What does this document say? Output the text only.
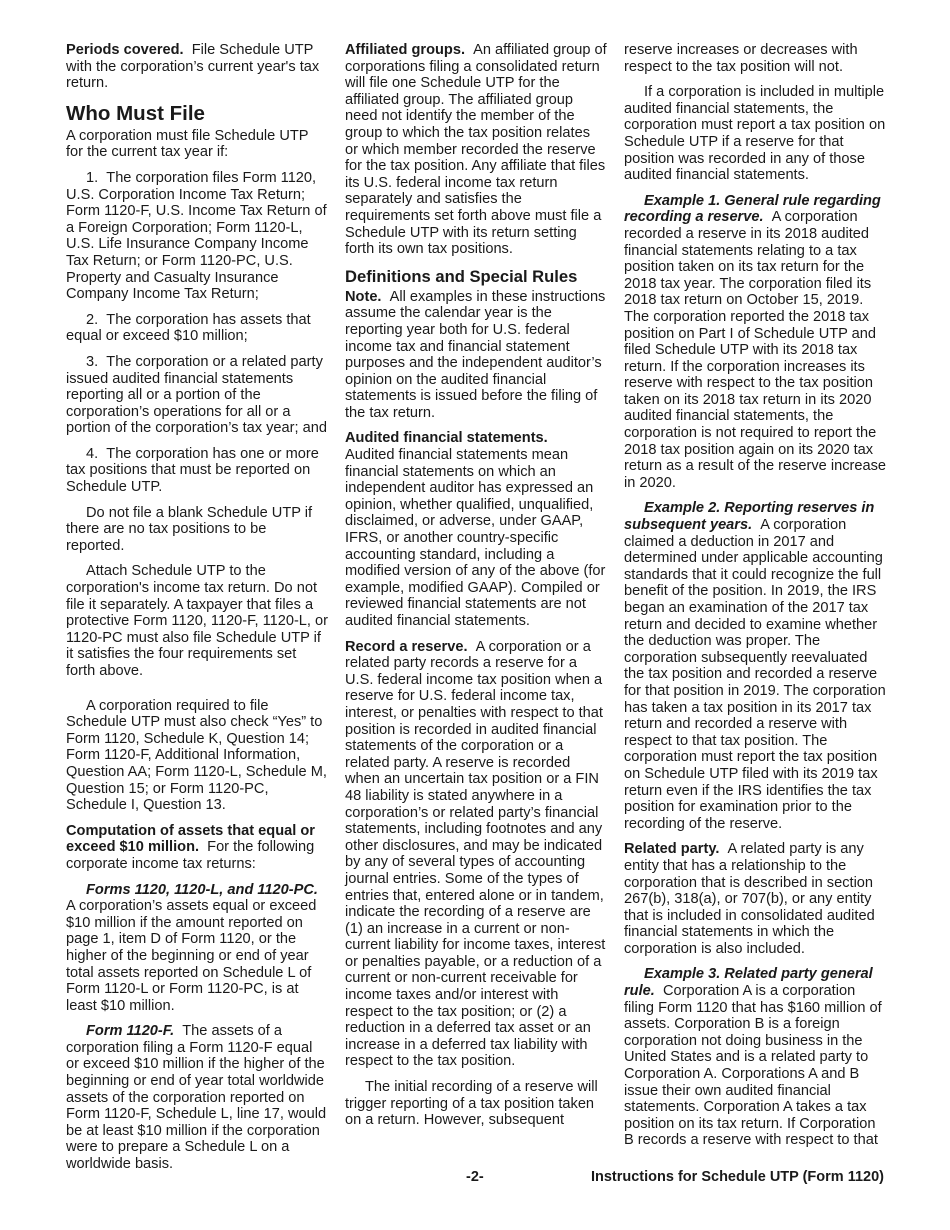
Periods covered. File Schedule UTP with the corporation’s current year's tax return.

Who Must File

A corporation must file Schedule UTP for the current tax year if:

1.  The corporation files Form 1120, U.S. Corporation Income Tax Return; Form 1120-F, U.S. Income Tax Return of a Foreign Corporation; Form 1120-L, U.S. Life Insurance Company Income Tax Return; or Form 1120-PC, U.S. Property and Casualty Insurance Company Income Tax Return;

2.  The corporation has assets that equal or exceed $10 million;

3.  The corporation or a related party issued audited financial statements reporting all or a portion of the corporation’s operations for all or a portion of the corporation’s tax year; and

4.  The corporation has one or more tax positions that must be reported on Schedule UTP.

Do not file a blank Schedule UTP if there are no tax positions to be reported.

Attach Schedule UTP to the corporation's income tax return. Do not file it separately. A taxpayer that files a protective Form 1120, 1120-F, 1120-L, or 1120-PC must also file Schedule UTP if it satisfies the four requirements set forth above.

A corporation required to file Schedule UTP must also check “Yes” to Form 1120, Schedule K, Question 14; Form 1120-F, Additional Information, Question AA; Form 1120-L, Schedule M, Question 15; or Form 1120-PC, Schedule I, Question 13.

Computation of assets that equal or exceed $10 million. For the following corporate income tax returns:

Forms 1120, 1120-L, and 1120-PC. A corporation’s assets equal or exceed $10 million if the amount reported on page 1, item D of Form 1120, or the higher of the beginning or end of year total assets reported on Schedule L of Form 1120-L or Form 1120-PC, is at least $10 million.

Form 1120-F. The assets of a corporation filing a Form 1120-F equal or exceed $10 million if the higher of the beginning or end of year total worldwide assets of the corporation reported on Form 1120-F, Schedule L, line 17, would be at least $10 million if the corporation were to prepare a Schedule L on a worldwide basis.

Affiliated groups. An affiliated group of corporations filing a consolidated return will file one Schedule UTP for the affiliated group. The affiliated group need not identify the member of the group to which the tax position relates or which member recorded the reserve for the tax position. Any affiliate that files its U.S. federal income tax return separately and satisfies the requirements set forth above must file a Schedule UTP with its return setting forth its own tax positions.

Definitions and Special Rules

Note. All examples in these instructions assume the calendar year is the reporting year both for U.S. federal income tax and financial statement purposes and the independent auditor’s opinion on the audited financial statements is issued before the filing of the tax return.

Audited financial statements.
Audited financial statements mean financial statements on which an independent auditor has expressed an opinion, whether qualified, unqualified, disclaimed, or adverse, under GAAP, IFRS, or another country-specific accounting standard, including a modified version of any of the above (for example, modified GAAP). Compiled or reviewed financial statements are not audited financial statements.

Record a reserve. A corporation or a related party records a reserve for a U.S. federal income tax position when a reserve for U.S. federal income tax, interest, or penalties with respect to that position is recorded in audited financial statements of the corporation or a related party. A reserve is recorded when an uncertain tax position or a FIN 48 liability is stated anywhere in a corporation’s or related party’s financial statements, including footnotes and any other disclosures, and may be indicated by any of several types of accounting journal entries. Some of the types of entries that, entered alone or in tandem, indicate the recording of a reserve are (1) an increase in a current or non-current liability for income taxes, interest or penalties payable, or a reduction of a current or non-current receivable for income taxes and/or interest with respect to the tax position; or (2) a reduction in a deferred tax asset or an increase in a deferred tax liability with respect to the tax position.

The initial recording of a reserve will trigger reporting of a tax position taken on a return. However, subsequent

reserve increases or decreases with respect to the tax position will not.

If a corporation is included in multiple audited financial statements, the corporation must report a tax position on Schedule UTP if a reserve for that position was recorded in any of those audited financial statements.

Example 1. General rule regarding recording a reserve. A corporation recorded a reserve in its 2018 audited financial statements relating to a tax position taken on its tax return for the 2018 tax year. The corporation filed its 2018 tax return on October 15, 2019. The corporation reported the 2018 tax position on Part I of Schedule UTP and filed Schedule UTP with its 2018 tax return. If the corporation increases its reserve with respect to the tax position taken on its 2018 tax return in its 2020 audited financial statements, the corporation is not required to report the 2018 tax position again on its 2020 tax return as a result of the reserve increase in 2020.

Example 2. Reporting reserves in subsequent years. A corporation claimed a deduction in 2017 and determined under applicable accounting standards that it could recognize the full benefit of the position. In 2019, the IRS began an examination of the 2017 tax return and decided to examine whether the deduction was proper. The corporation subsequently reevaluated the tax position and recorded a reserve for that position in 2019. The corporation has taken a tax position in its 2017 tax return and recorded a reserve with respect to that tax position. The corporation must report the tax position on Schedule UTP filed with its 2019 tax return even if the IRS identifies the tax position for examination prior to the recording of the reserve.

Related party. A related party is any entity that has a relationship to the corporation that is described in section 267(b), 318(a), or 707(b), or any entity that is included in consolidated audited financial statements in which the corporation is also included.

Example 3. Related party general rule. Corporation A is a corporation filing Form 1120 that has $160 million of assets. Corporation B is a foreign corporation not doing business in the United States and is a related party to Corporation A. Corporations A and B issue their own audited financial statements. Corporation A takes a tax position on its tax return. If Corporation B records a reserve with respect to that

-2-	Instructions for Schedule UTP (Form 1120)
